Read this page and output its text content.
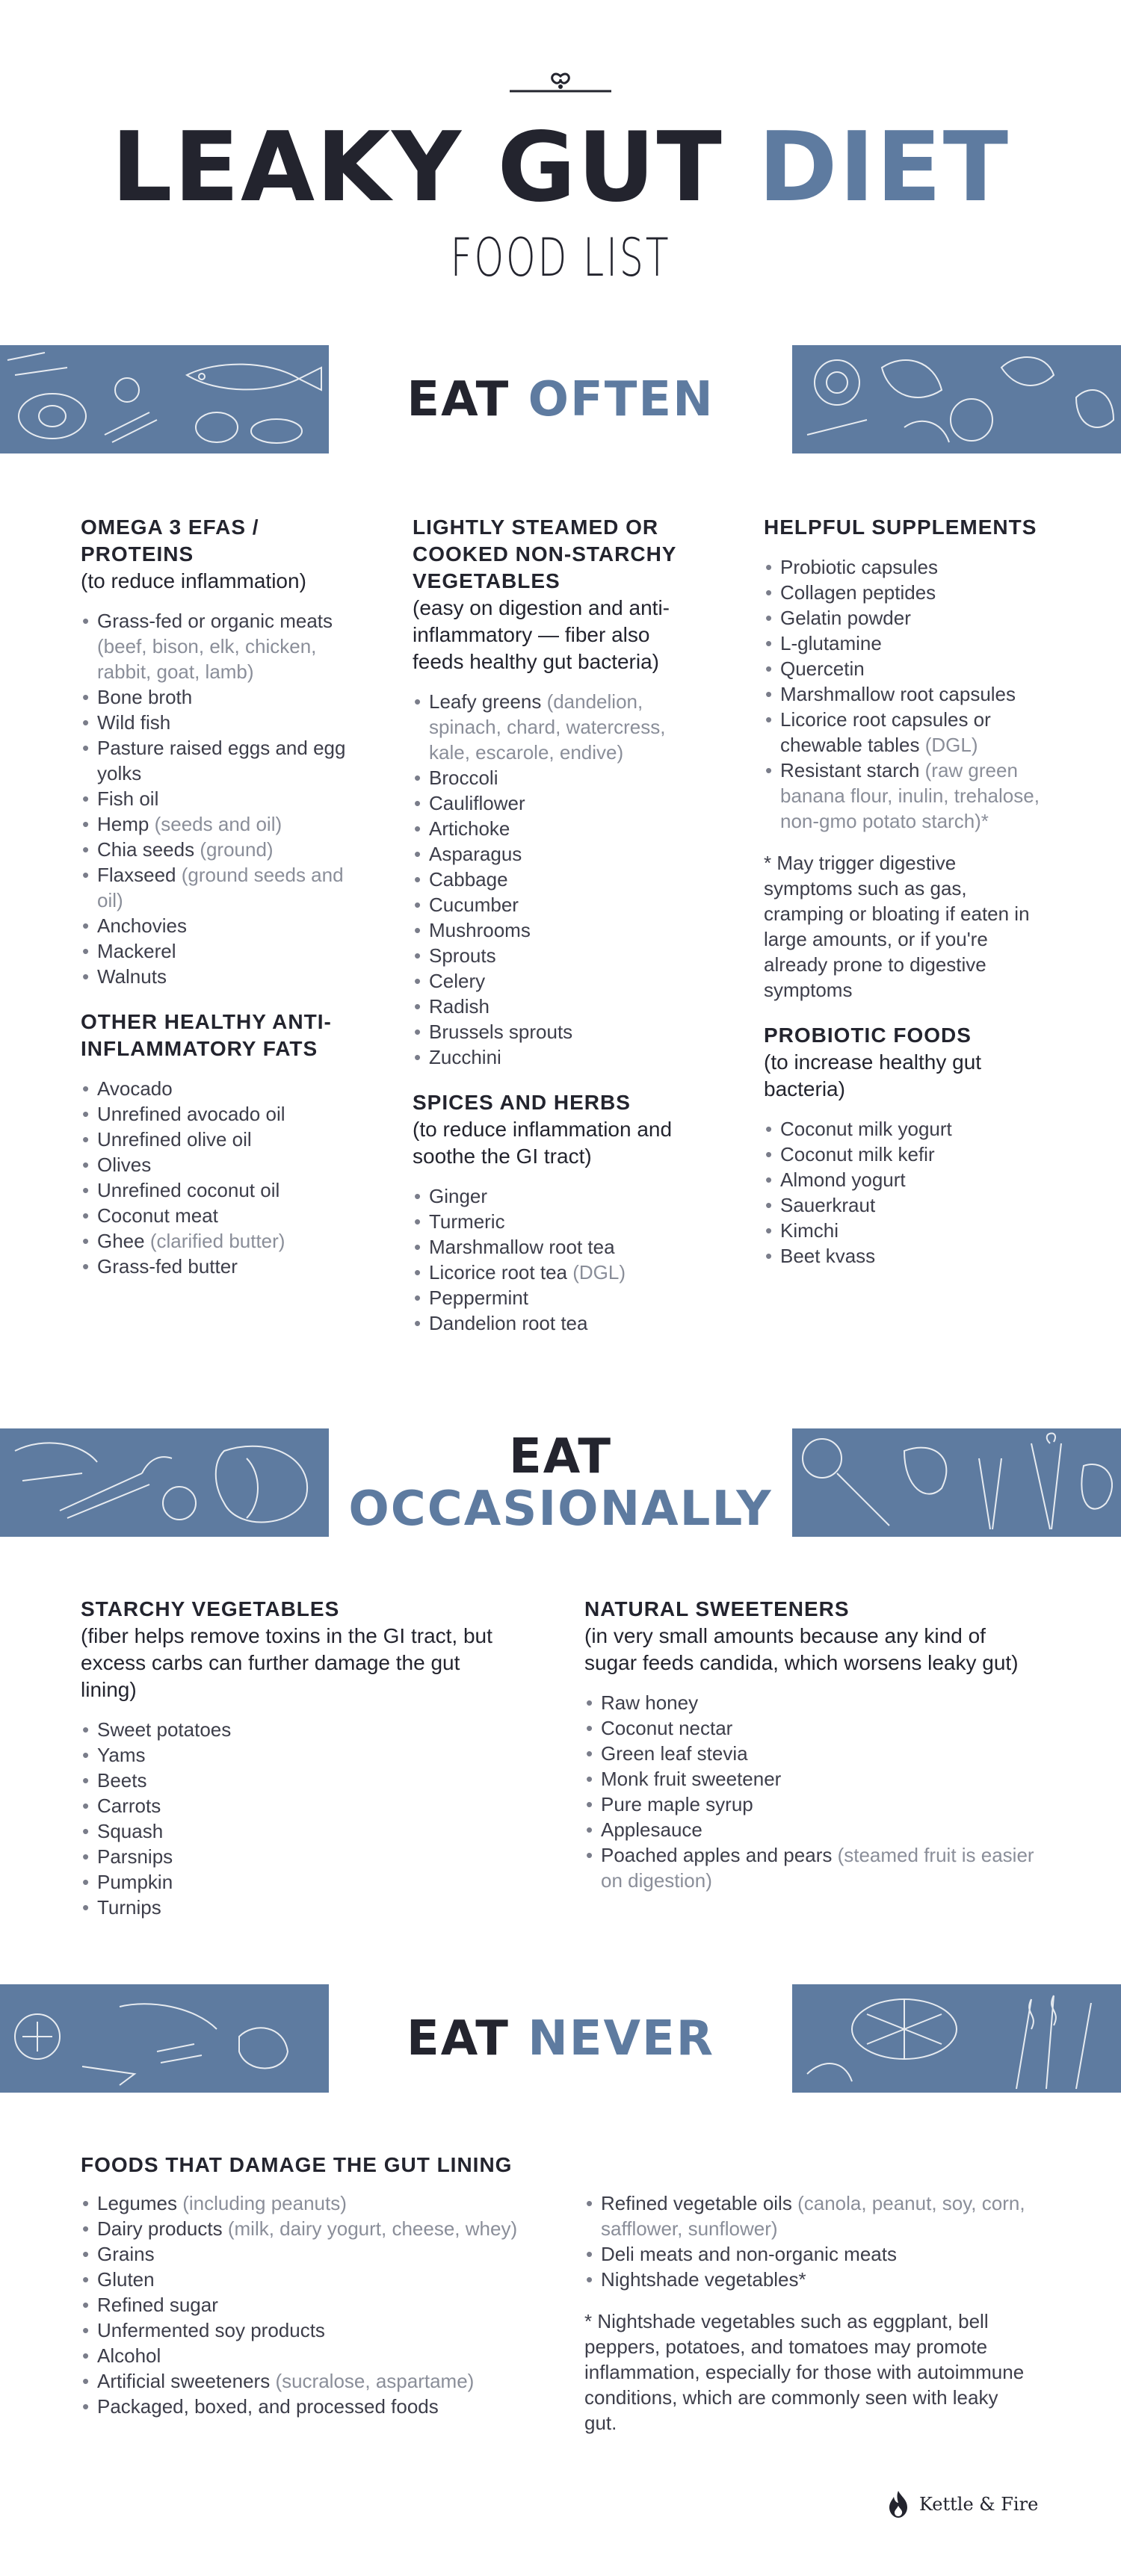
LEAKY GUT DIET
FOOD LIST
EAT OFTEN
OMEGA 3 EFAS / PROTEINS
(to reduce inflammation)
• Grass-fed or organic meats (beef, bison, elk, chicken, rabbit, goat, lamb)
• Bone broth
• Wild fish
• Pasture raised eggs and egg yolks
• Fish oil
• Hemp (seeds and oil)
• Chia seeds (ground)
• Flaxseed (ground seeds and oil)
• Anchovies
• Mackerel
• Walnuts
OTHER HEALTHY ANTI-INFLAMMATORY FATS
• Avocado
• Unrefined avocado oil
• Unrefined olive oil
• Olives
• Unrefined coconut oil
• Coconut meat
• Ghee (clarified butter)
• Grass-fed butter
LIGHTLY STEAMED OR COOKED NON-STARCHY VEGETABLES
(easy on digestion and anti-inflammatory — fiber also feeds healthy gut bacteria)
• Leafy greens (dandelion, spinach, chard, watercress, kale, escarole, endive)
• Broccoli
• Cauliflower
• Artichoke
• Asparagus
• Cabbage
• Cucumber
• Mushrooms
• Sprouts
• Celery
• Radish
• Brussels sprouts
• Zucchini
SPICES AND HERBS
(to reduce inflammation and soothe the GI tract)
• Ginger
• Turmeric
• Marshmallow root tea
• Licorice root tea (DGL)
• Peppermint
• Dandelion root tea
HELPFUL SUPPLEMENTS
• Probiotic capsules
• Collagen peptides
• Gelatin powder
• L-glutamine
• Quercetin
• Marshmallow root capsules
• Licorice root capsules or chewable tables (DGL)
• Resistant starch (raw green banana flour, inulin, trehalose, non-gmo potato starch)*
* May trigger digestive symptoms such as gas, cramping or bloating if eaten in large amounts, or if you're already prone to digestive symptoms
PROBIOTIC FOODS
(to increase healthy gut bacteria)
• Coconut milk yogurt
• Coconut milk kefir
• Almond yogurt
• Sauerkraut
• Kimchi
• Beet kvass
EAT
OCCASIONALLY
STARCHY VEGETABLES
(fiber helps remove toxins in the GI tract, but excess carbs can further damage the gut lining)
• Sweet potatoes
• Yams
• Beets
• Carrots
• Squash
• Parsnips
• Pumpkin
• Turnips
NATURAL SWEETENERS
(in very small amounts because any kind of sugar feeds candida, which worsens leaky gut)
• Raw honey
• Coconut nectar
• Green leaf stevia
• Monk fruit sweetener
• Pure maple syrup
• Applesauce
• Poached apples and pears (steamed fruit is easier on digestion)
EAT NEVER
FOODS THAT DAMAGE THE GUT LINING
• Legumes (including peanuts)
• Dairy products (milk, dairy yogurt, cheese, whey)
• Grains
• Gluten
• Refined sugar
• Unfermented soy products
• Alcohol
• Artificial sweeteners (sucralose, aspartame)
• Packaged, boxed, and processed foods
• Refined vegetable oils (canola, peanut, soy, corn, safflower, sunflower)
• Deli meats and non-organic meats
• Nightshade vegetables*
* Nightshade vegetables such as eggplant, bell peppers, potatoes, and tomatoes may promote inflammation, especially for those with autoimmune conditions, which are commonly seen with leaky gut.
Kettle & Fire
